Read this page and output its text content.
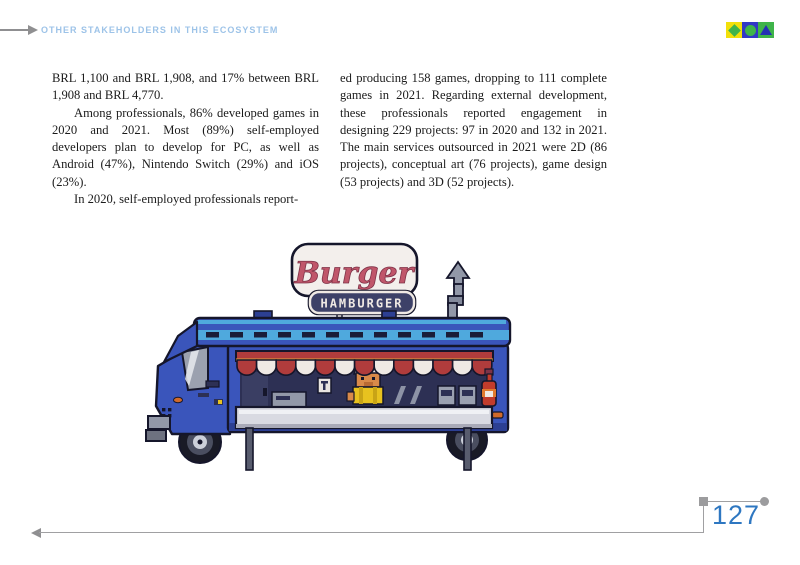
OTHER STAKEHOLDERS IN THIS ECOSYSTEM

BRL 1,100 and BRL 1,908, and 17% between BRL 1,908 and BRL 4,770.

Among professionals, 86% developed games in 2020 and 2021. Most (89%) self-employed developers plan to develop for PC, as well as Android (47%), Nintendo Switch (29%) and iOS (23%).

In 2020, self-employed professionals report-

ed producing 158 games, dropping to 111 complete games in 2021. Regarding external development, these professionals reported engagement in designing 229 projects: 97 in 2020 and 132 in 2021. The main services outsourced in 2021 were 2D (86 projects), conceptual art (76 projects), game design (53 projects) and 3D (52 projects).

Burger
HAMBURGER
127
